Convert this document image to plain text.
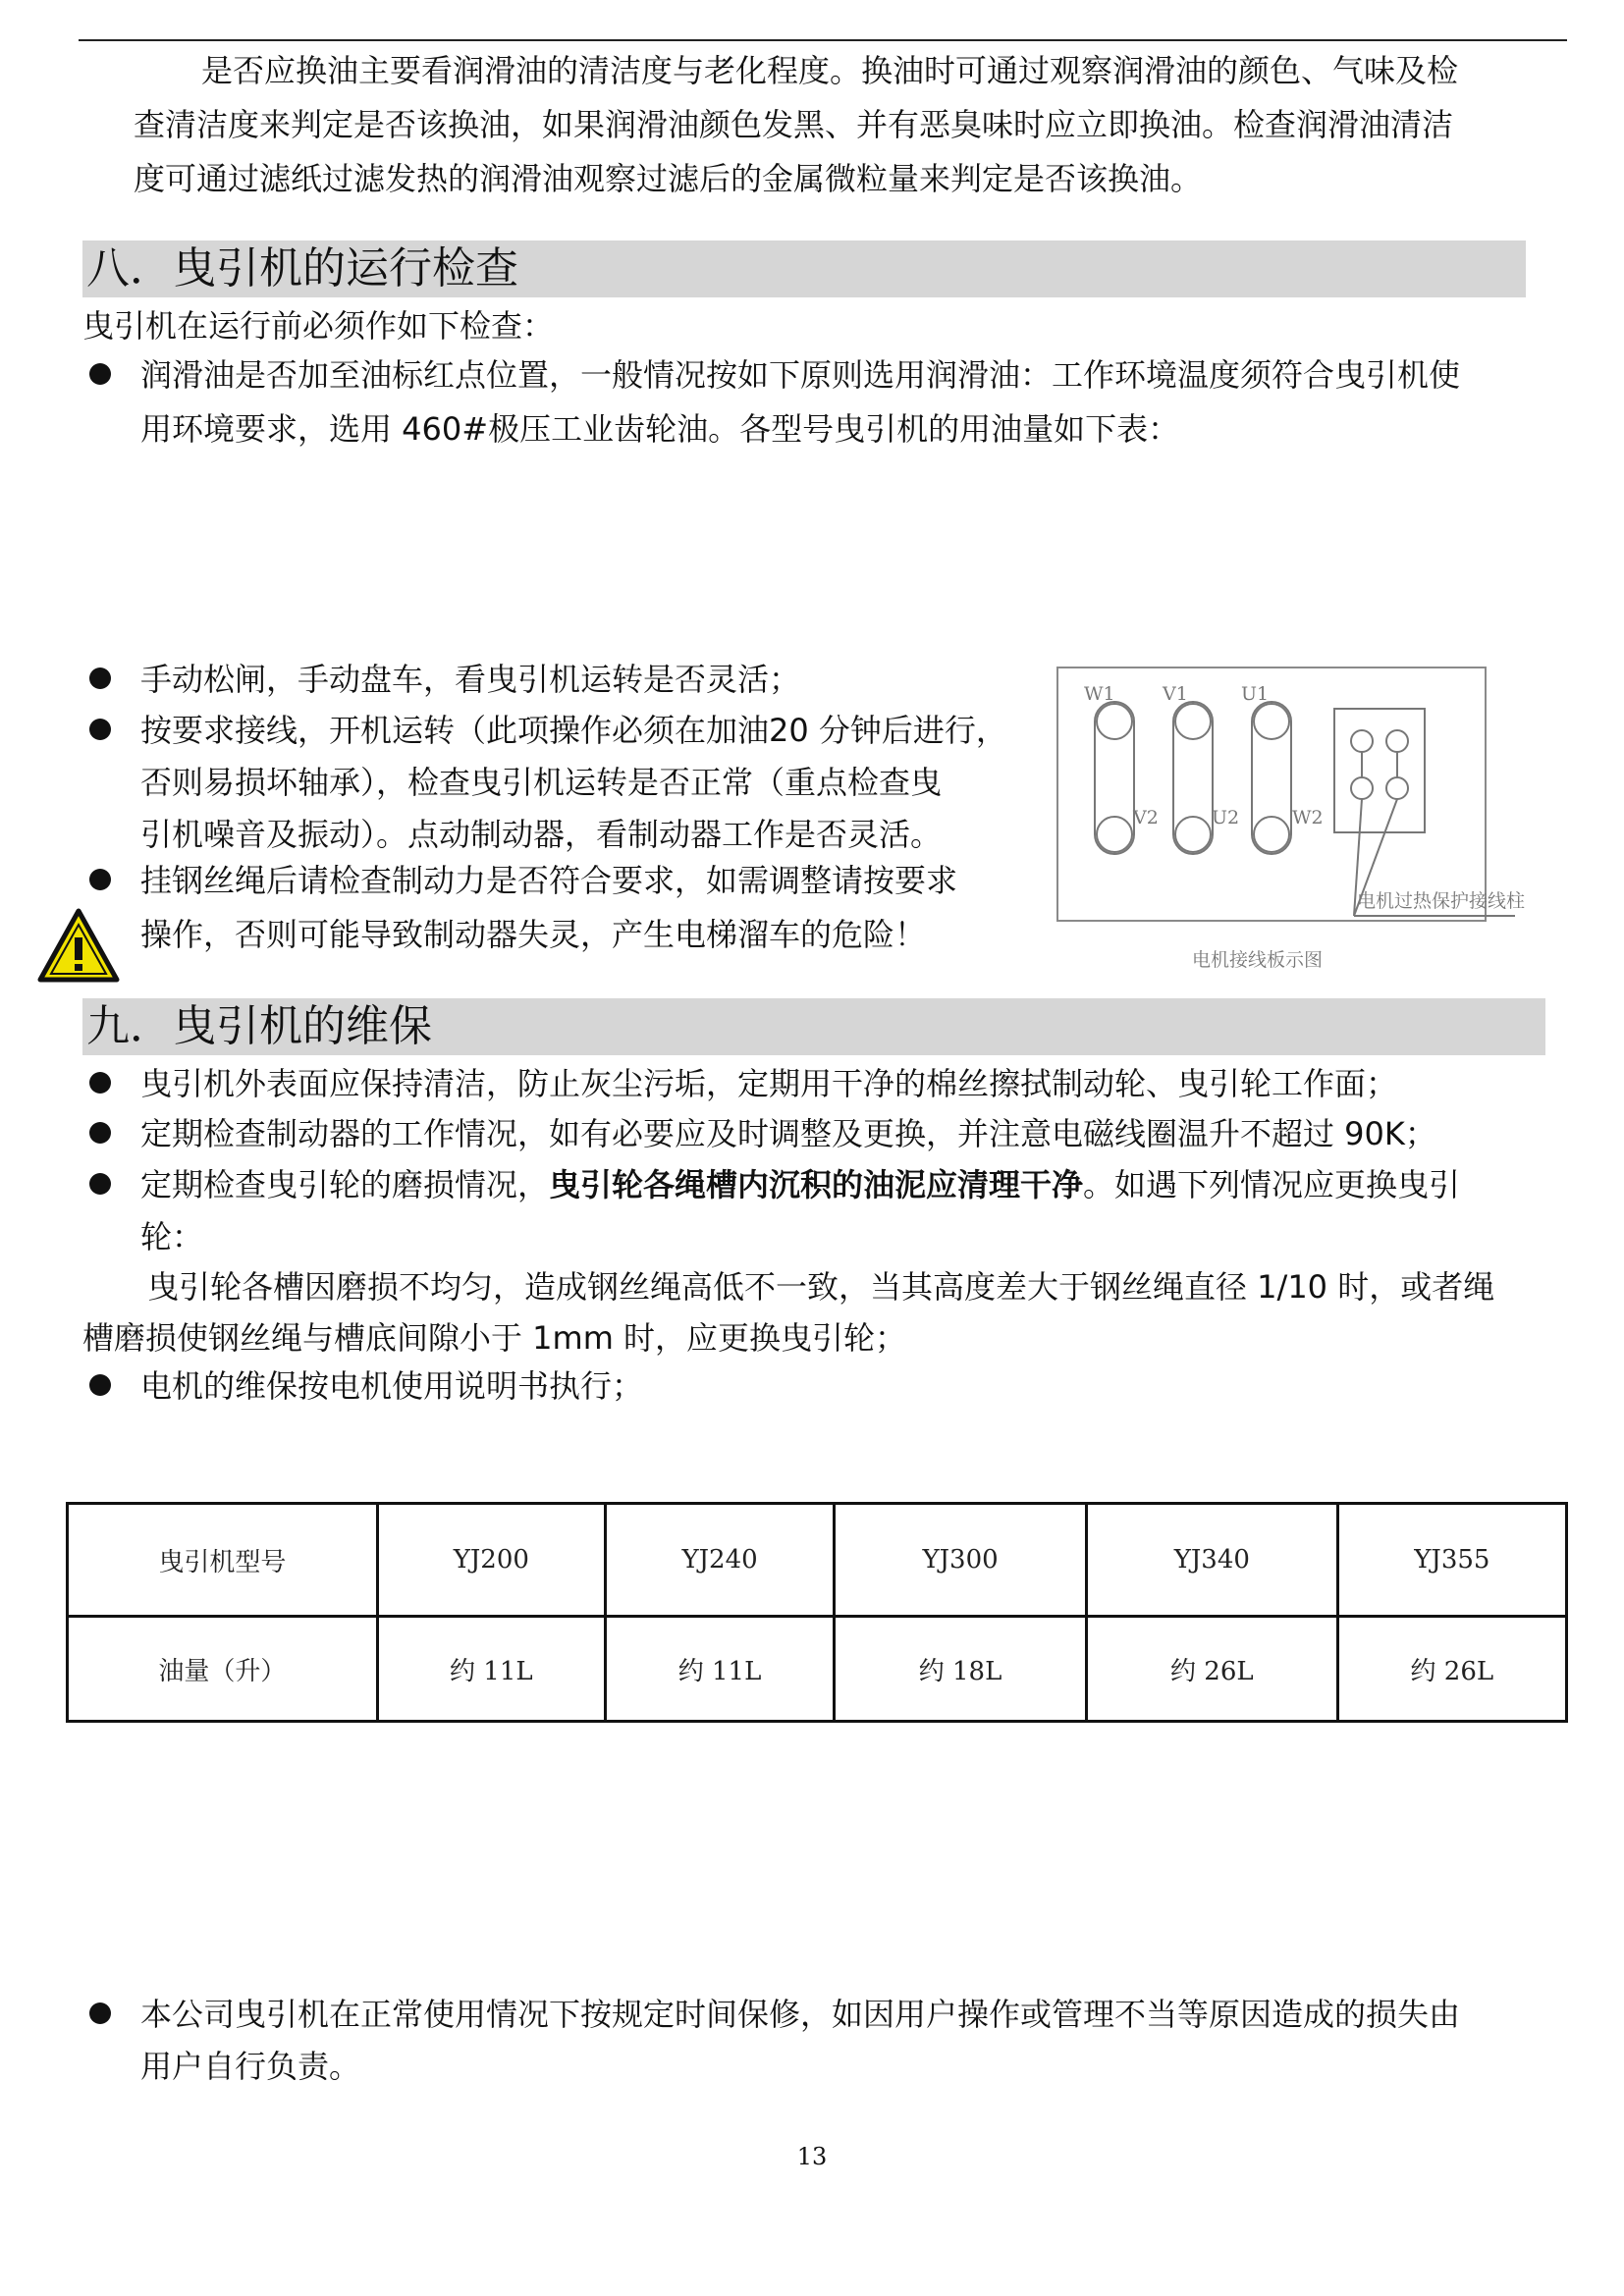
是否应换油主要看润滑油的清洁度与老化程度。换油时可通过观察润滑油的颜色、气味及检
查清洁度来判定是否该换油，如果润滑油颜色发黑、并有恶臭味时应立即换油。检查润滑油清洁
度可通过滤纸过滤发热的润滑油观察过滤后的金属微粒量来判定是否该换油。
八．曳引机的运行检查
曳引机在运行前必须作如下检查：
润滑油是否加至油标红点位置，一般情况按如下原则选用润滑油：工作环境温度须符合曳引机使
用环境要求，选用 460#极压工业齿轮油。各型号曳引机的用油量如下表：
手动松闸，手动盘车，看曳引机运转是否灵活；
按要求接线，开机运转（此项操作必须在加油20 分钟后进行，
否则易损坏轴承），检查曳引机运转是否正常（重点检查曳
引机噪音及振动）。点动制动器，看制动器工作是否灵活。
挂钢丝绳后请检查制动力是否符合要求，如需调整请按要求
操作，否则可能导致制动器失灵，产生电梯溜车的危险！
W1	V1	U1
V2	U2	W2
电机过热保护接线柱
电机接线板示图
九．曳引机的维保
曳引机外表面应保持清洁，防止灰尘污垢，定期用干净的棉丝擦拭制动轮、曳引轮工作面；
定期检查制动器的工作情况，如有必要应及时调整及更换，并注意电磁线圈温升不超过 90K；
定期检查曳引轮的磨损情况，曳引轮各绳槽内沉积的油泥应清理干净。如遇下列情况应更换曳引
轮：
曳引轮各槽因磨损不均匀，造成钢丝绳高低不一致，当其高度差大于钢丝绳直径 1/10 时，或者绳
槽磨损使钢丝绳与槽底间隙小于 1mm 时，应更换曳引轮；
电机的维保按电机使用说明书执行；
曳引机型号	YJ200	YJ240	YJ300	YJ340	YJ355
油量（升）	约 11L	约 11L	约 18L	约 26L	约 26L
本公司曳引机在正常使用情况下按规定时间保修，如因用户操作或管理不当等原因造成的损失由
用户自行负责。
13
